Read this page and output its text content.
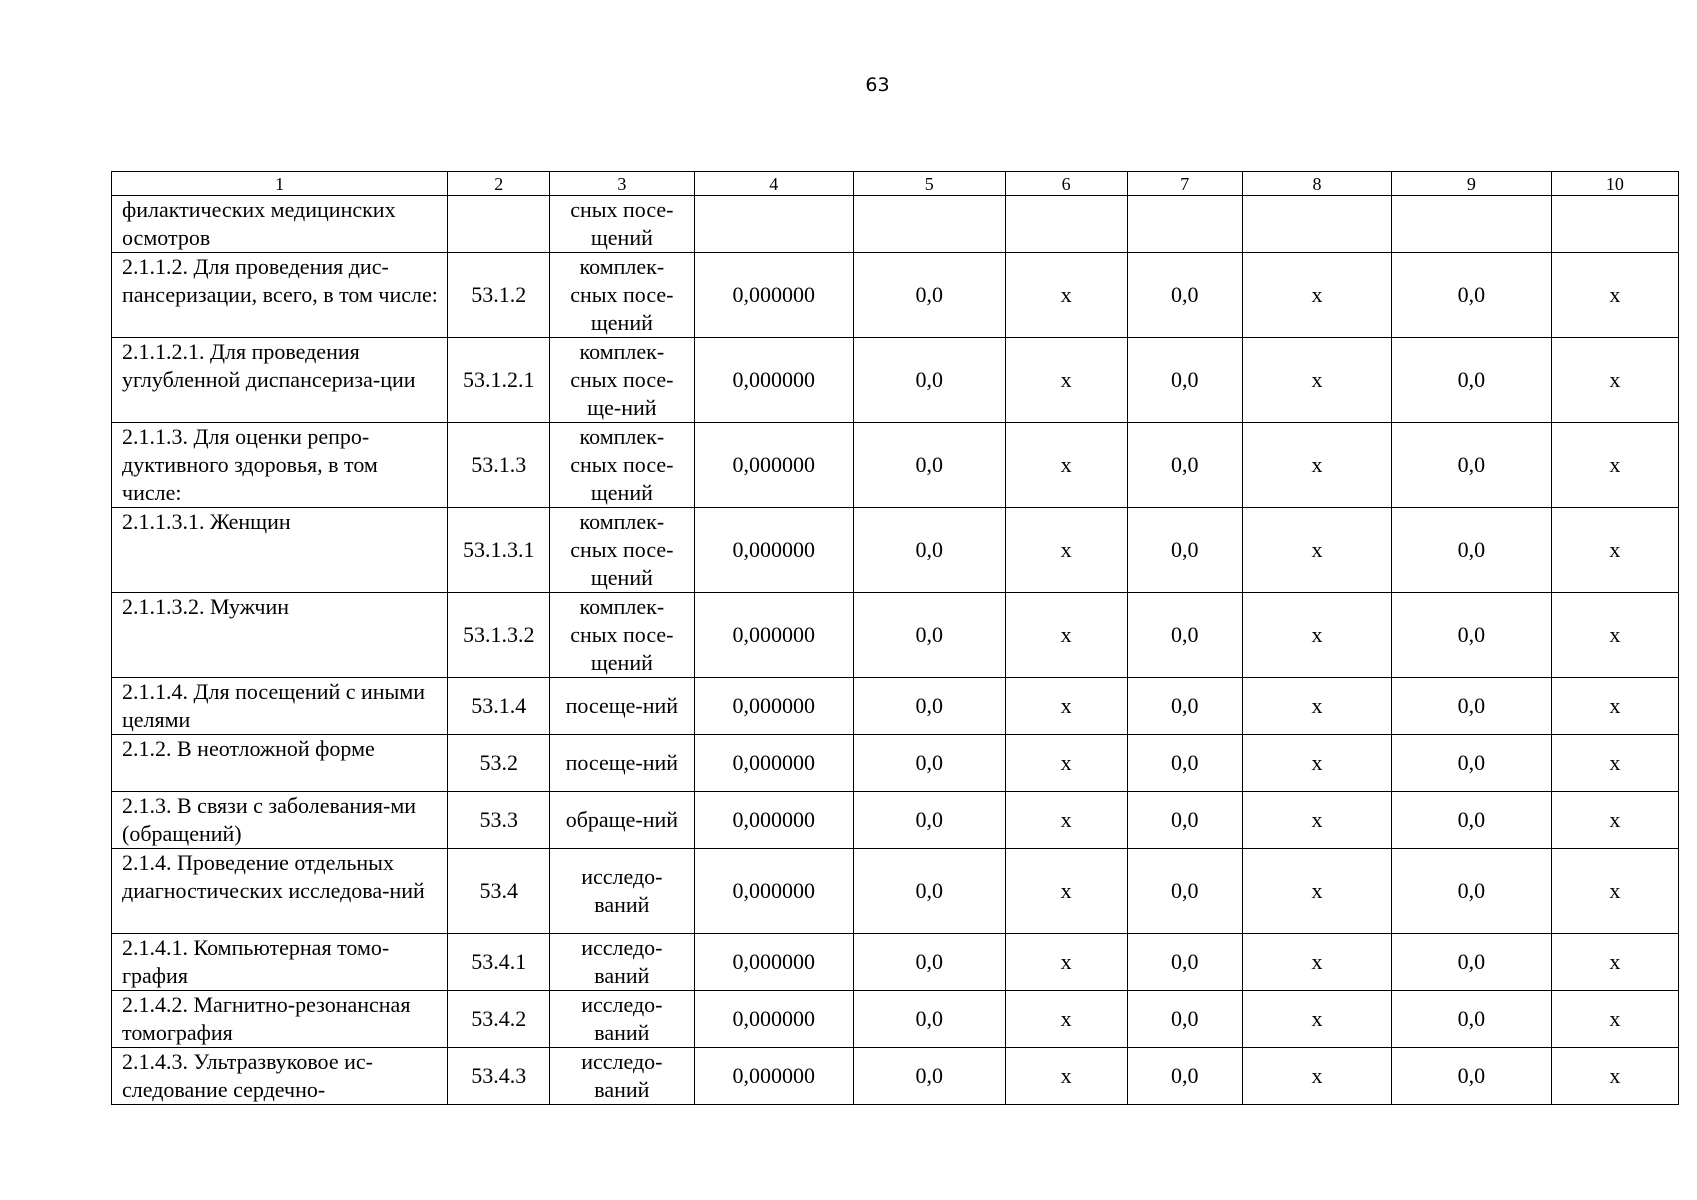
63
1	2	3	4	5	6	7	8	9	10
филактических медицинских осмотров		сных посе-щений							
2.1.1.2. Для проведения дис-пансеризации, всего, в том числе:	53.1.2	комплек-сных посе-щений	0,000000	0,0	х	0,0	х	0,0	х
2.1.1.2.1. Для проведения углубленной диспансериза-ции	53.1.2.1	комплек-сных посе-ще-ний	0,000000	0,0	х	0,0	х	0,0	х
2.1.1.3. Для оценки репро-дуктивного здоровья, в том числе:	53.1.3	комплек-сных посе-щений	0,000000	0,0	х	0,0	х	0,0	х
2.1.1.3.1. Женщин	53.1.3.1	комплек-сных посе-щений	0,000000	0,0	х	0,0	х	0,0	х
2.1.1.3.2. Мужчин	53.1.3.2	комплек-сных посе-щений	0,000000	0,0	х	0,0	х	0,0	х
2.1.1.4. Для посещений с иными целями	53.1.4	посеще-ний	0,000000	0,0	х	0,0	х	0,0	х
2.1.2. В неотложной форме	53.2	посеще-ний	0,000000	0,0	х	0,0	х	0,0	х
2.1.3. В связи с заболевания-ми (обращений)	53.3	обраще-ний	0,000000	0,0	х	0,0	х	0,0	х
2.1.4. Проведение отдельных диагностических исследова-ний	53.4	исследо-ваний	0,000000	0,0	х	0,0	х	0,0	х
2.1.4.1. Компьютерная томо-графия	53.4.1	исследо-ваний	0,000000	0,0	х	0,0	х	0,0	х
2.1.4.2. Магнитно-резонансная томография	53.4.2	исследо-ваний	0,000000	0,0	х	0,0	х	0,0	х
2.1.4.3. Ультразвуковое ис-следование сердечно-	53.4.3	исследо-ваний	0,000000	0,0	х	0,0	х	0,0	х
